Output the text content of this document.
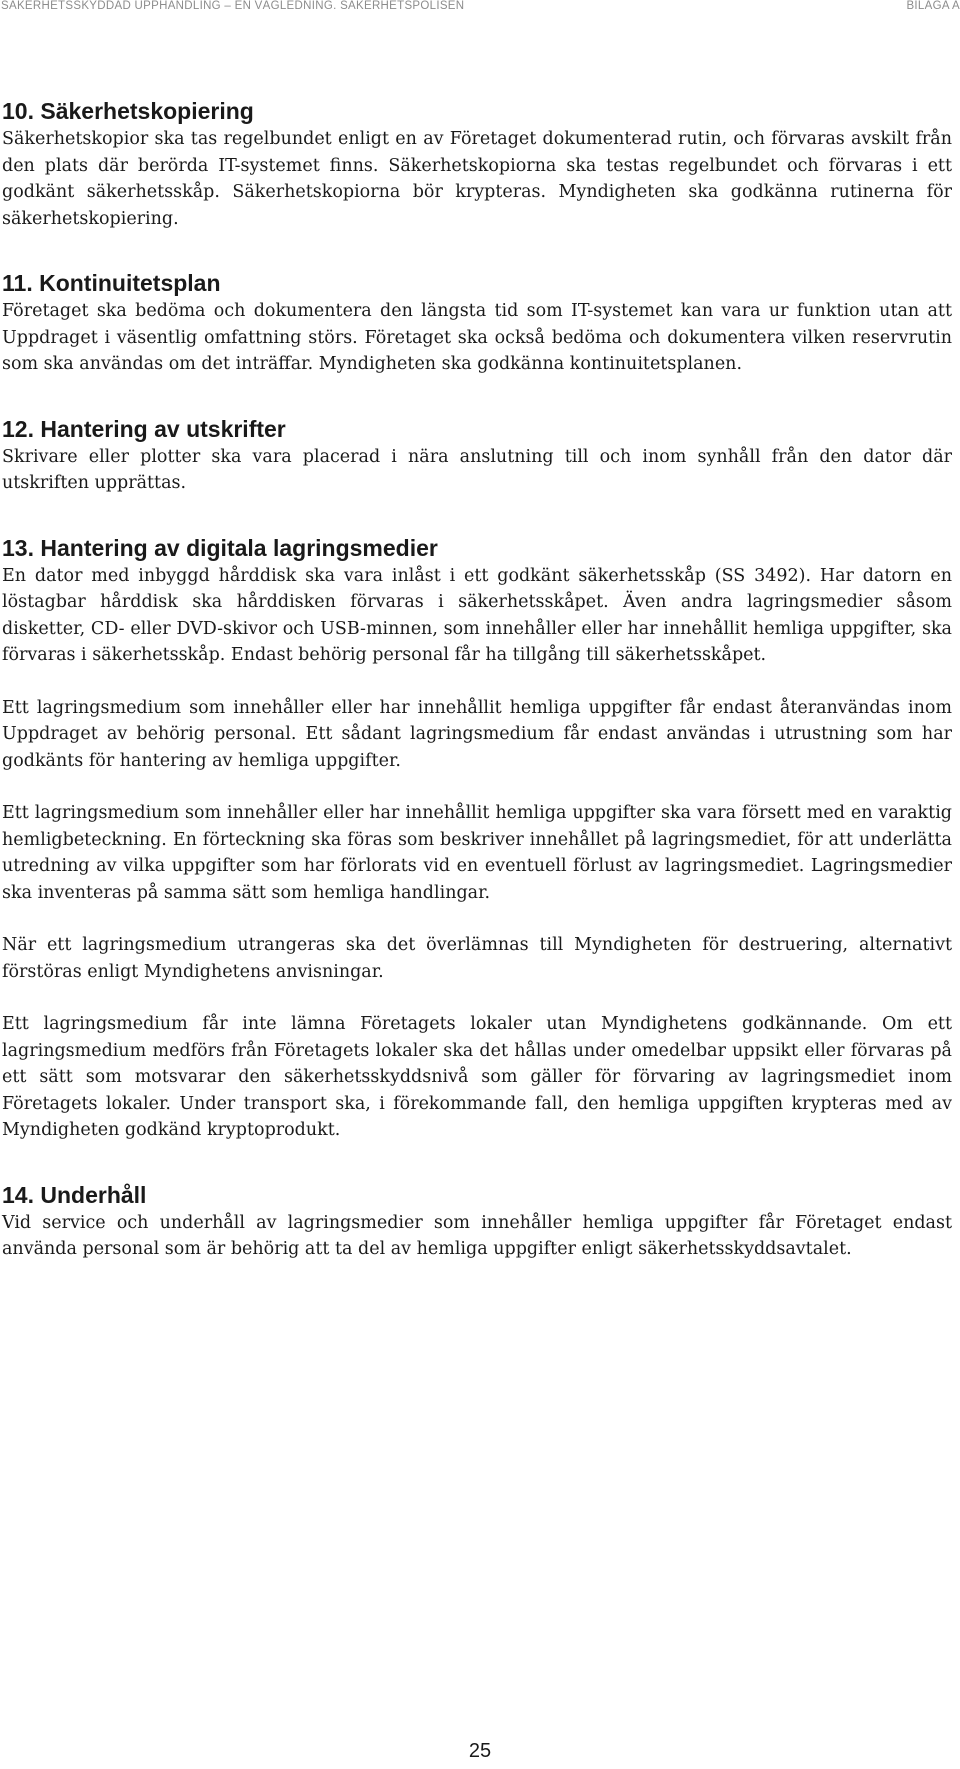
SÄKERHETSSKYDDAD UPPHANDLING – EN VÄGLEDNING. SÄKERHETSPOLISEN	BILAGA A
10. Säkerhetskopiering

Säkerhetskopior ska tas regelbundet enligt en av Företaget dokumenterad rutin, och förvaras avskilt från den plats där berörda IT-systemet finns. Säkerhetskopiorna ska testas regelbundet och förvaras i ett godkänt säkerhetsskåp. Säkerhetskopiorna bör krypteras. Myndigheten ska godkänna rutinerna för säkerhetskopiering.

11. Kontinuitetsplan

Företaget ska bedöma och dokumentera den längsta tid som IT-systemet kan vara ur funktion utan att Uppdraget i väsentlig omfattning störs. Företaget ska också bedöma och dokumentera vilken reservrutin som ska användas om det inträffar. Myndigheten ska godkänna kontinuitetsplanen.

12. Hantering av utskrifter

Skrivare eller plotter ska vara placerad i nära anslutning till och inom synhåll från den dator där utskriften upprättas.

13. Hantering av digitala lagringsmedier

En dator med inbyggd hårddisk ska vara inlåst i ett godkänt säkerhetsskåp (SS 3492). Har datorn en löstagbar hårddisk ska hårddisken förvaras i säkerhetsskåpet. Även andra lagringsmedier såsom disketter, CD- eller DVD-skivor och USB-minnen, som innehåller eller har innehållit hemliga uppgifter, ska förvaras i säkerhetsskåp. Endast behörig personal får ha tillgång till säkerhetsskåpet.

Ett lagringsmedium som innehåller eller har innehållit hemliga uppgifter får endast återanvändas inom Uppdraget av behörig personal. Ett sådant lagringsmedium får endast användas i utrustning som har godkänts för hantering av hemliga uppgifter.

Ett lagringsmedium som innehåller eller har innehållit hemliga uppgifter ska vara försett med en varaktig hemligbeteckning. En förteckning ska föras som beskriver innehållet på lagringsmediet, för att underlätta utredning av vilka uppgifter som har förlorats vid en eventuell förlust av lagringsmediet. Lagringsmedier ska inventeras på samma sätt som hemliga handlingar.

När ett lagringsmedium utrangeras ska det överlämnas till Myndigheten för destruering, alternativt förstöras enligt Myndighetens anvisningar.

Ett lagringsmedium får inte lämna Företagets lokaler utan Myndighetens godkännande. Om ett lagringsmedium medförs från Företagets lokaler ska det hållas under omedelbar uppsikt eller förvaras på ett sätt som motsvarar den säkerhetsskyddsnivå som gäller för förvaring av lagringsmediet inom Företagets lokaler. Under transport ska, i förekommande fall, den hemliga uppgiften krypteras med av Myndigheten godkänd kryptoprodukt.

14. Underhåll

Vid service och underhåll av lagringsmedier som innehåller hemliga uppgifter får Företaget endast använda personal som är behörig att ta del av hemliga uppgifter enligt säkerhetsskyddsavtalet.

25
